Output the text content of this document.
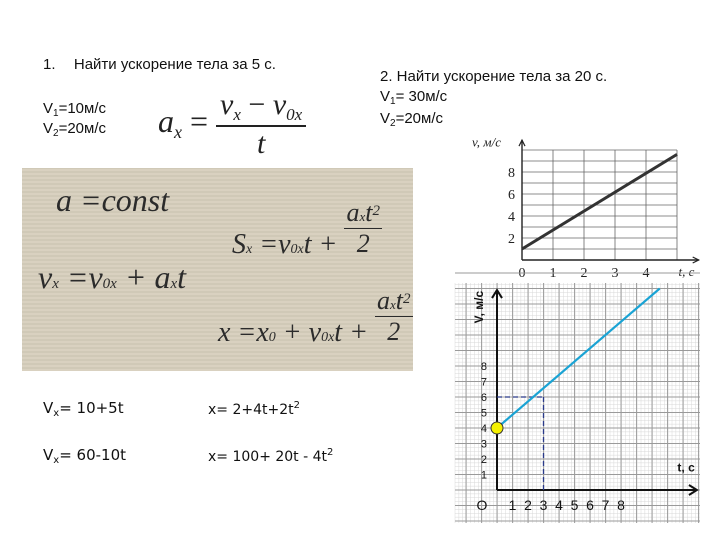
1. Найти ускорение тела за 5 с.
$V_1=10м/с$
$V_2=20м/с$
2. Найти ускорение тела за 20 с.
$V_1= 30м/с$
$V_2=20м/с$
ax = $\frac{v_x - v_{0x}}{t}$
a =const
vx =v0x + axt
$Sx =v0xt + \frac{axt^2}{2}$
$x =x0 + v0xt + \frac{axt^2}{2}$
$V_x= 10+5t$
$V_x= 60-10t$
$x= 2+4t+2t^2$
$x= 100+ 20t - 4t^2$
0 1 2 3 4
2
4
6
8
v, м/с
t, с
1 2 3 4 5 6 7 8
1
2
3
4
5
6
7
8
O
V, м/с
t, с
